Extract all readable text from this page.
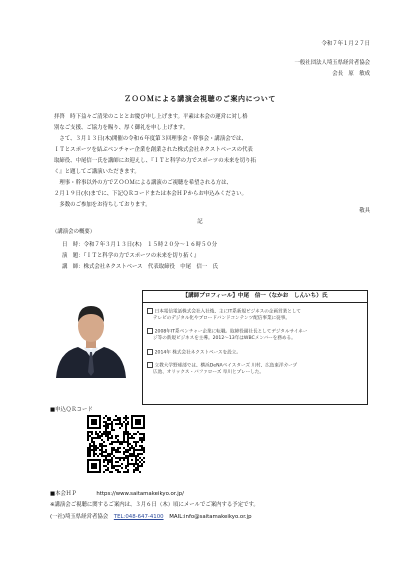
令和７年１月２７日
一般社団法人埼玉県経営者協会
会長　原　敏成
ＺＯＯＭによる講演会視聴のご案内について
拝啓　時下益々ご清栄のこととお慶び申し上げます。平素は本会の運営に対し格
別なご支援、ご協力を賜り、厚く御礼を申し上げます。
　さて、３月１３日(木)開催の令和６年度第３回理事会・幹事会・講演会では、
ＩＴとスポーツを結ぶベンチャー企業を創業された株式会社ネクストベースの代表
取締役、中尾信一氏を講師にお迎えし、『ＩＴと科学の力でスポーツの未来を切り拓
く』と題してご講演いただきます。
　理事・幹事以外の方でＺＯＯＭによる講演のご視聴を希望される方は、
２月１９日(水)までに、下記ＱＲコードまたは本会ＨＰからお申込みください。
　多数のご参加をお待ちしております。
敬具
記
（講演会の概要）
日　時：令和７年３月１３日(木)　１５時２０分～１６時５０分
演　題：『ＩＴと科学の力でスポーツの未来を切り拓く』
講　師：株式会社ネクストベース　代表取締役　中尾　信一　氏
【講師プロフィール】中尾　信一（なかお　しんいち）氏
日本電信電話株式会社入社後、主にIT系新規ビジネスの企画営業として
テレビのデジタル化やブロードバンドコンテンツ配信事業に従事。
2008年IT系ベンチャー企業に転職。取締役副社長としてデジタルサイネー
ジ等の新規ビジネスを主導。2012～13年はWBCメンバーを務める。
2014年 株式会社ネクストベースを設立。
立教大学野球部では、横浜DeNAベイスターズ 川村、広島東洋カープ
広池、オリックス・バファローズ 阜川とプレーした。
■申込ＱＲコード
■本会ＨＰ	https://www.saitamakeikyo.or.jp/
※講演会ご視聴に関するご案内は、３月６日（木）頃にメールでご案内する予定です。
(一社)埼玉県経営者協会 TEL:048-647-4100 MAIL:info@saitamakeikyo.or.jp
